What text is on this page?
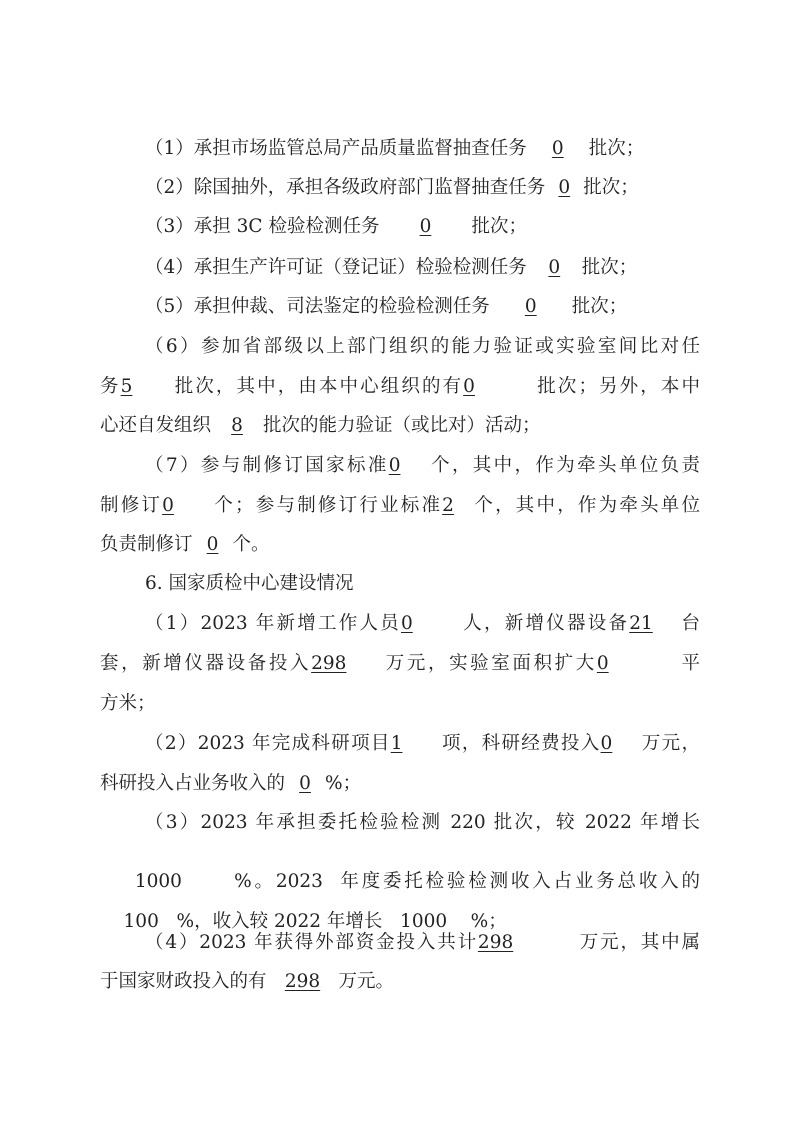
（1）承担市场监管总局产品质量监督抽查任务 0 批次；
（2）除国抽外，承担各级政府部门监督抽查任务 0 批次；
（3）承担 3C 检验检测任务 0 批次；
（4）承担生产许可证（登记证）检验检测任务 0 批次；
（5）承担仲裁、司法鉴定的检验检测任务 0 批次；
（6）参加省部级以上部门组织的能力验证或实验室间比对任
务5 批次，其中，由本中心组织的有0	批次；另外，本中
心还自发组织 8 批次的能力验证（或比对）活动；
（7）参与制修订国家标准0 个，其中，作为牵头单位负责
制修订0 个；参与制修订行业标准2 个，其中，作为牵头单位
负责制修订 0 个。
6. 国家质检中心建设情况
（1）2023 年新增工作人员0	人，新增仪器设备21 台
套，新增仪器设备投入298 万元，实验室面积扩大0	平
方米；
（2）2023 年完成科研项目1 项，科研经费投入0 万元，
科研投入占业务收入的 0 %；
（3）2023 年承担委托检验检测 220 批次，较 2022 年增长

1000      %。2023  年度委托检验检测收入占业务总收入的

100   %，收入较 2022 年增长   1000    %；

（4）2023 年获得外部资金投入共计298	万元，其中属
于国家财政投入的有 298 万元。
